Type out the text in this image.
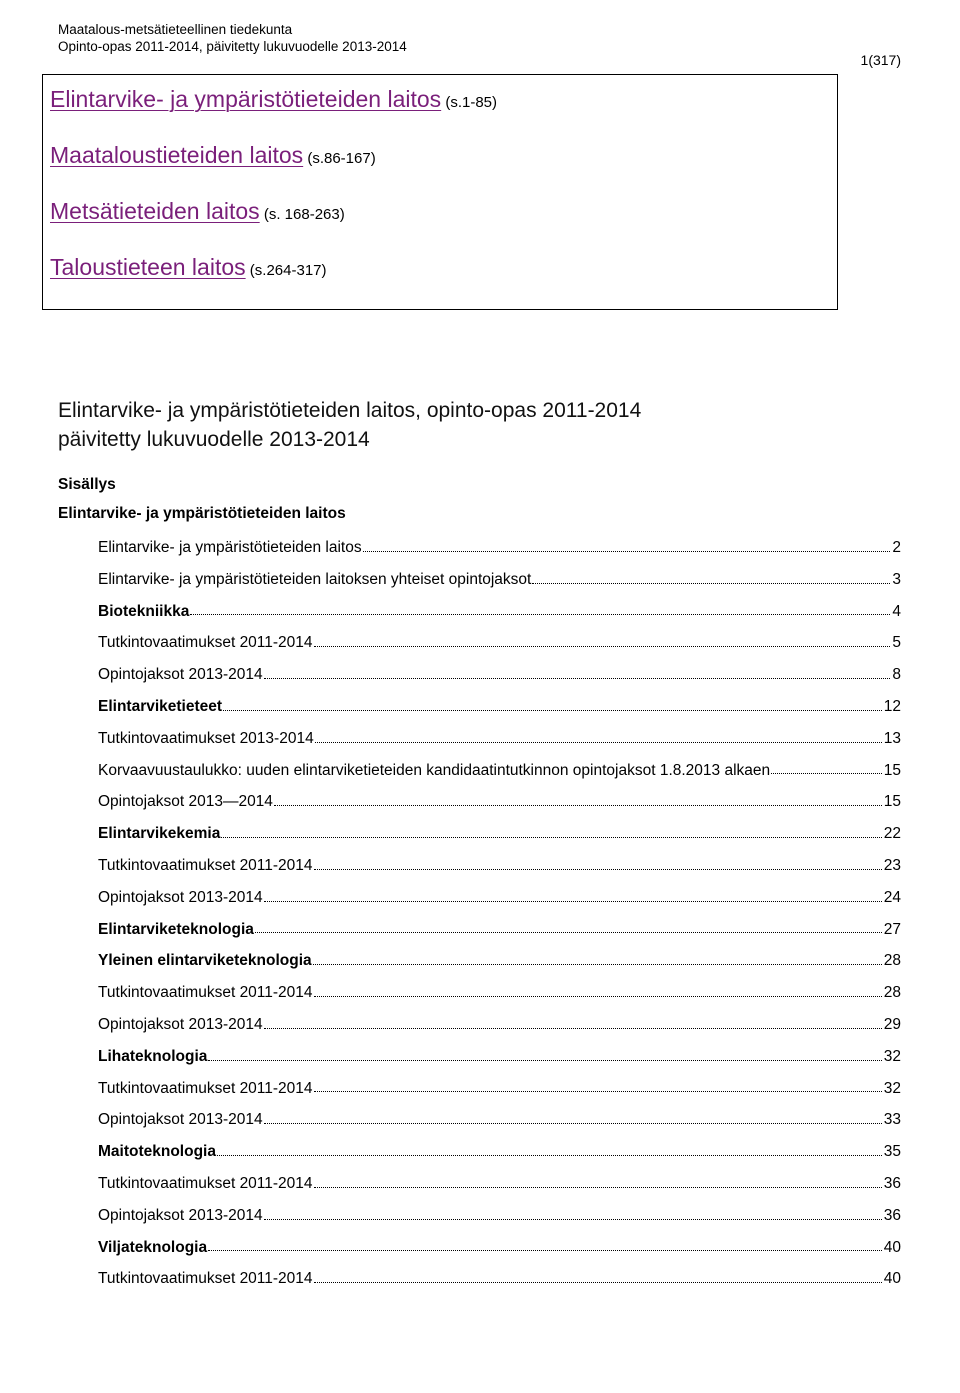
Maatalous-metsätieteellinen tiedekunta
Opinto-opas 2011-2014, päivitetty lukuvuodelle 2013-2014
1(317)
Elintarvike- ja ympäristötieteiden laitos (s.1-85)
Maataloustieteiden laitos (s.86-167)
Metsätieteiden laitos (s. 168-263)
Taloustieteen laitos (s.264-317)
Elintarvike- ja ympäristötieteiden laitos, opinto-opas 2011-2014
päivitetty lukuvuodelle 2013-2014
Sisällys
Elintarvike- ja ympäristötieteiden laitos
Elintarvike- ja ympäristötieteiden laitos	2
Elintarvike- ja ympäristötieteiden laitoksen yhteiset opintojaksot	3
Biotekniikka	4
Tutkintovaatimukset 2011-2014	5
Opintojaksot 2013-2014	8
Elintarviketieteet	12
Tutkintovaatimukset 2013-2014	13
Korvaavuustaulukko: uuden elintarviketieteiden kandidaatintutkinnon opintojaksot 1.8.2013 alkaen	15
Opintojaksot 2013—2014	15
Elintarvikekemia	22
Tutkintovaatimukset 2011-2014	23
Opintojaksot 2013-2014	24
Elintarviketeknologia	27
Yleinen elintarviketeknologia	28
Tutkintovaatimukset 2011-2014	28
Opintojaksot 2013-2014	29
Lihateknologia	32
Tutkintovaatimukset 2011-2014	32
Opintojaksot 2013-2014	33
Maitoteknologia	35
Tutkintovaatimukset 2011-2014	36
Opintojaksot 2013-2014	36
Viljateknologia	40
Tutkintovaatimukset 2011-2014	40
